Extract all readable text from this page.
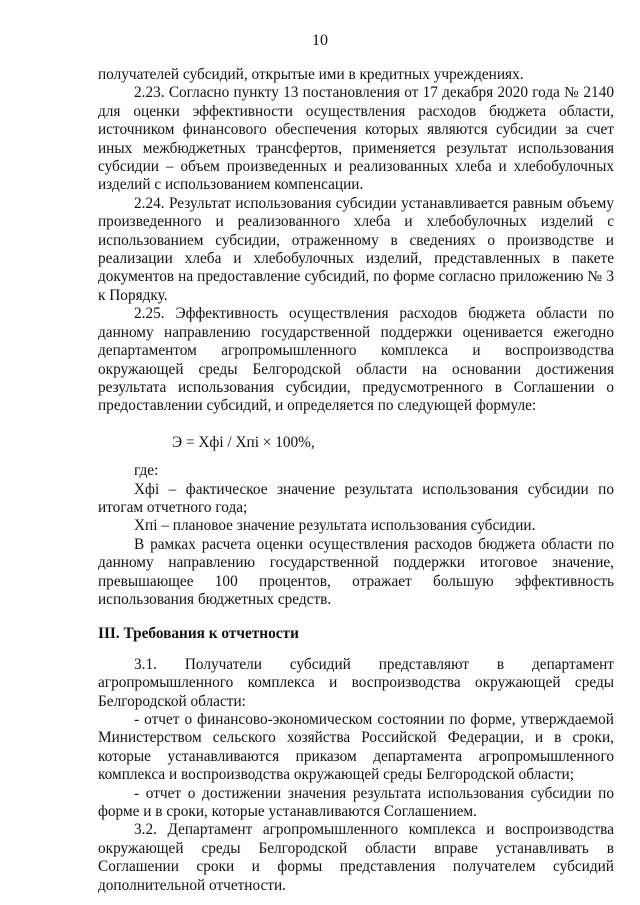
10

получателей субсидий, открытые ими в кредитных учреждениях.

2.23. Согласно пункту 13 постановления от 17 декабря 2020 года № 2140 для оценки эффективности осуществления расходов бюджета области, источником финансового обеспечения которых являются субсидии за счет иных межбюджетных трансфертов, применяется результат использования субсидии – объем произведенных и реализованных хлеба и хлебобулочных изделий с использованием компенсации.

2.24. Результат использования субсидии устанавливается равным объему произведенного и реализованного хлеба и хлебобулочных изделий с использованием субсидии, отраженному в сведениях о производстве и реализации хлеба и хлебобулочных изделий, представленных в пакете документов на предоставление субсидий, по форме согласно приложению № 3 к Порядку.

2.25. Эффективность осуществления расходов бюджета области по данному направлению государственной поддержки оценивается ежегодно департаментом агропромышленного комплекса и воспроизводства окружающей среды Белгородской области на основании достижения результата использования субсидии, предусмотренного в Соглашении о предоставлении субсидий, и определяется по следующей формуле:

Э = Хфi / Хпi × 100%,

где:

Хфi – фактическое значение результата использования субсидии по итогам отчетного года;

Хпi – плановое значение результата использования субсидии.

В рамках расчета оценки осуществления расходов бюджета области по данному направлению государственной поддержки итоговое значение, превышающее 100 процентов, отражает большую эффективность использования бюджетных средств.

III. Требования к отчетности

3.1. Получатели субсидий представляют в департамент агропромышленного комплекса и воспроизводства окружающей среды Белгородской области:

- отчет о финансово-экономическом состоянии по форме, утверждаемой Министерством сельского хозяйства Российской Федерации, и в сроки, которые устанавливаются приказом департамента агропромышленного комплекса и воспроизводства окружающей среды Белгородской области;

- отчет о достижении значения результата использования субсидии по форме и в сроки, которые устанавливаются Соглашением.

3.2. Департамент агропромышленного комплекса и воспроизводства окружающей среды Белгородской области вправе устанавливать в Соглашении сроки и формы представления получателем субсидий дополнительной отчетности.
